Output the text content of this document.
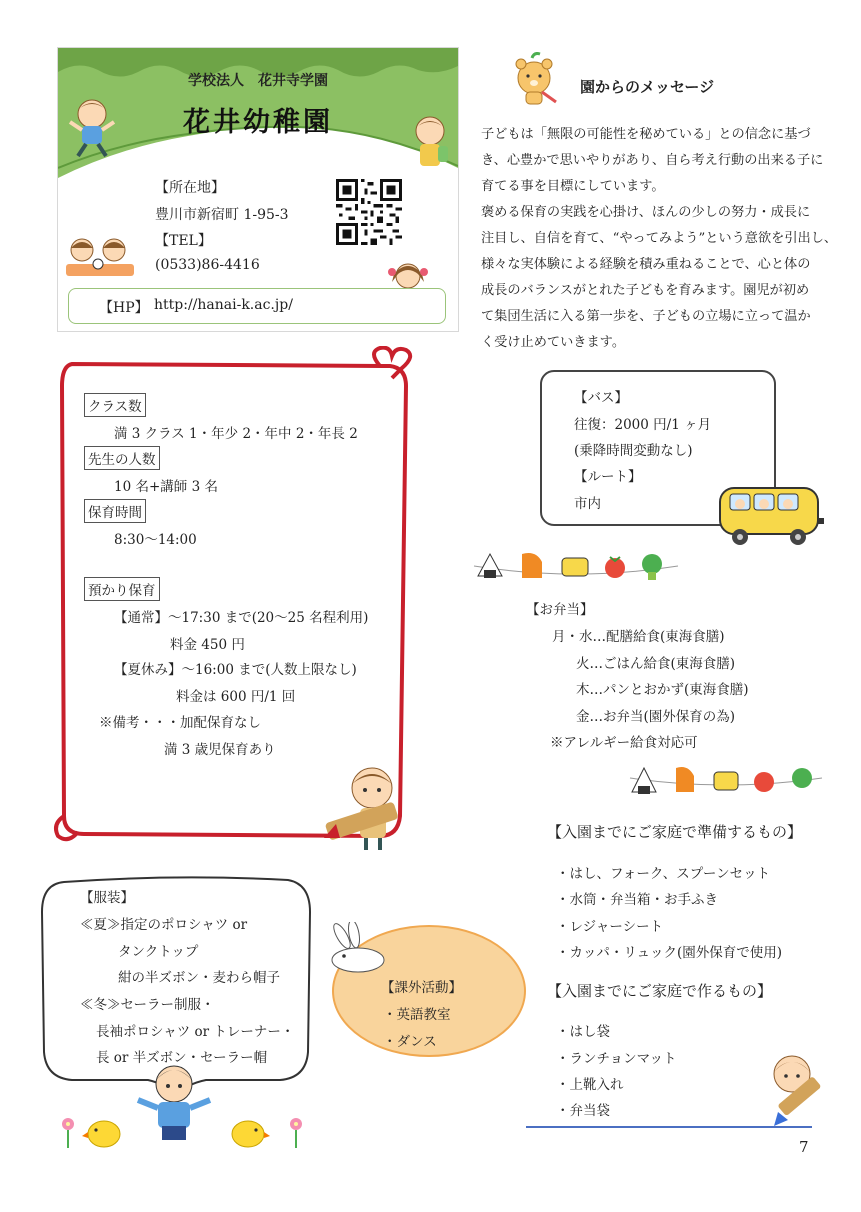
学校法人　花井寺学園
花井幼稚園
【所在地】
豊川市新宿町 1-95-3
【TEL】
(0533)86-4416
【HP】 http://hanai-k.ac.jp/
園からのメッセージ
子どもは「無限の可能性を秘めている」との信念に基づ
き、心豊かで思いやりがあり、自ら考え行動の出来る子に
育てる事を目標にしています。
褒める保育の実践を心掛け、ほんの少しの努力・成長に
注目し、自信を育て、“やってみよう”という意欲を引出し、
様々な実体験による経験を積み重ねることで、心と体の
成長のバランスがとれた子どもを育みます。園児が初め
て集団生活に入る第一歩を、子どもの立場に立って温か
く受け止めていきます。
クラス数
満 3 クラス 1・年少 2・年中 2・年長 2
先生の人数
10 名+講師 3 名
保育時間
8:30～14:00
預かり保育
【通常】～17:30 まで(20～25 名程利用)
料金 450 円
【夏休み】～16:00 まで(人数上限なし)
料金は 600 円/1 回
※備考・・・加配保育なし
満 3 歳児保育あり
【バス】
往復：2000 円/1 ヶ月
(乗降時間変動なし)
【ルート】
市内
【お弁当】
月・水…配膳給食(東海食膳)
火…ごはん給食(東海食膳)
木…パンとおかず(東海食膳)
金…お弁当(園外保育の為)
※アレルギー給食対応可
【入園までにご家庭で準備するもの】
・はし、フォーク、スプーンセット
・水筒・弁当箱・お手ふき
・レジャーシート
・カッパ・リュック(園外保育で使用)
【入園までにご家庭で作るもの】
・はし袋
・ランチョンマット
・上靴入れ
・弁当袋
【服装】
≪夏≫指定のポロシャツ or
タンクトップ
紺の半ズボン・麦わら帽子
≪冬≫セーラー制服・
長袖ポロシャツ or トレーナー・
長 or 半ズボン・セーラー帽
【課外活動】
・英語教室
・ダンス
7
